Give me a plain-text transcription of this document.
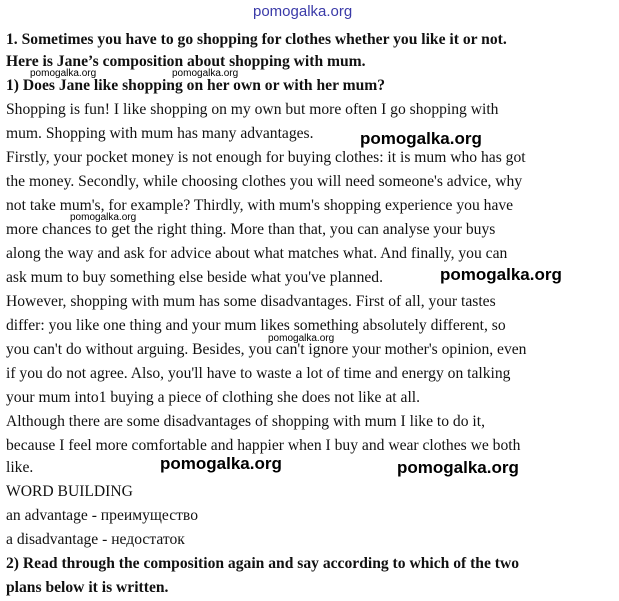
pomogalka.org
pomogalka.org	pomogalka.org
pomogalka.org
pomogalka.org
1. Sometimes you have to go shopping for clothes whether you like it or not.
Here is Jane’s composition about shopping with mum.
1) Does Jane like shopping on her own or with her mum?
Shopping is fun! I like shopping on my own but more often I go shopping with
mum. Shopping with mum has many advantages.
Firstly, your pocket money is not enough for buying clothes: it is mum who has got
the money. Secondly, while choosing clothes you will need someone's advice, why
not take mum's, for example? Thirdly, with mum's shopping experience you have
more chances to get the right thing. More than that, you can analyse your buys
along the way and ask for advice about what matches what. And finally, you can
ask mum to buy something else beside what you've planned.
However, shopping with mum has some disadvantages. First of all, your tastes
differ: you like one thing and your mum likes something absolutely different, so
you can't do without arguing. Besides, you can't ignore your mother's opinion, even
if you do not agree. Also, you'll have to waste a lot of time and energy on talking
your mum into1 buying a piece of clothing she does not like at all.
Although there are some disadvantages of shopping with mum I like to do it,
because I feel more comfortable and happier when I buy and wear clothes we both
like.
WORD BUILDING
an advantage - преимущество
a disadvantage - недостаток
2) Read through the composition again and say according to which of the two
plans below it is written.
pomogalka.org
pomogalka.org
pomogalka.org	pomogalka.org
